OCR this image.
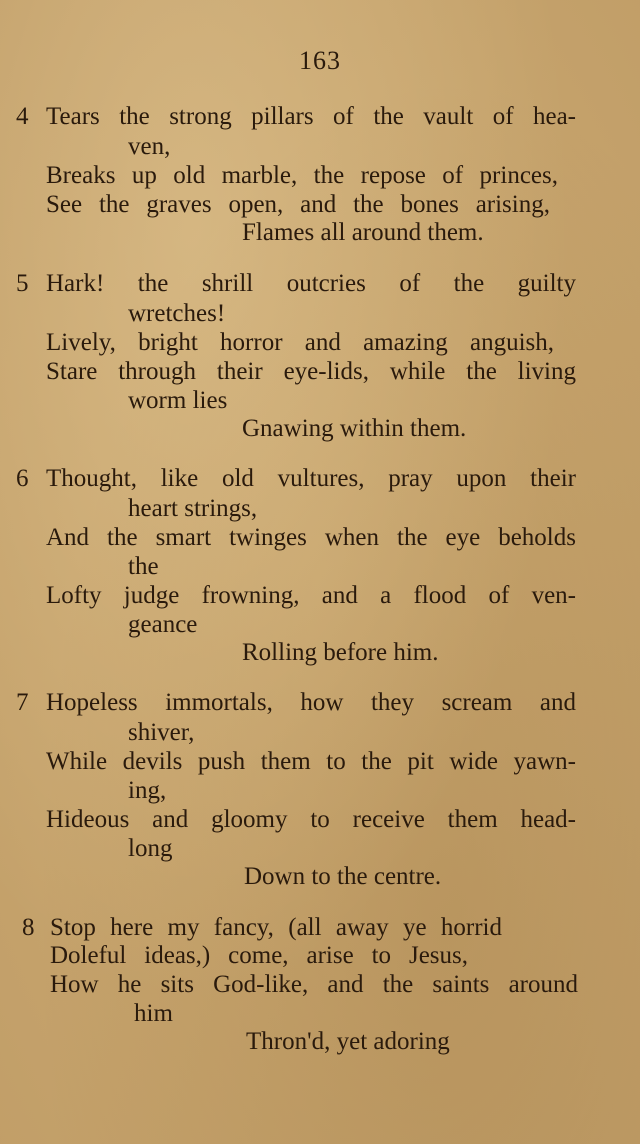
163
4 Tears the strong pillars of the vault of hea-
ven,
Breaks up old marble, the repose of princes,
See the graves open, and the bones arising,
Flames all around them.
5 Hark! the shrill outcries of the guilty
wretches!
Lively, bright horror and amazing anguish,
Stare through their eye-lids, while the living
worm lies
Gnawing within them.
6 Thought, like old vultures, pray upon their
heart strings,
And the smart twinges when the eye beholds
the
Lofty judge frowning, and a flood of ven-
geance
Rolling before him.
7 Hopeless immortals, how they scream and
shiver,
While devils push them to the pit wide yawn-
ing,
Hideous and gloomy to receive them head-
long
Down to the centre.
8 Stop here my fancy, (all away ye horrid
Doleful ideas,) come, arise to Jesus,
How he sits God-like, and the saints around
him
Thron'd, yet adoring
